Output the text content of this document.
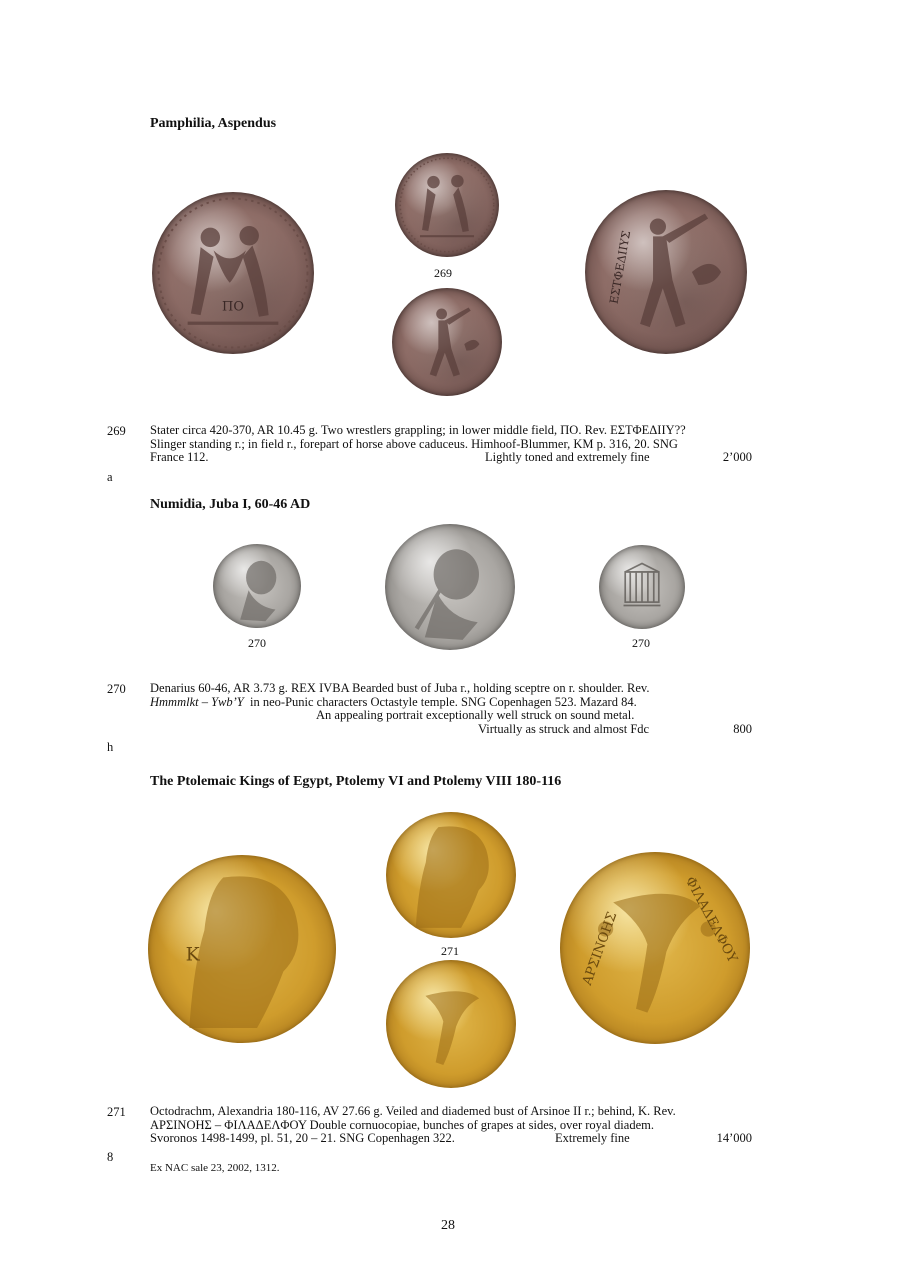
Pamphilia, Aspendus
ΠΟ
269	ΕΣΤΦΕΔΙΙΥΣ
269 Stater circa 420-370, AR 10.45 g. Two wrestlers grappling; in lower middle field, ΠΟ. Rev. ΕΣΤΦΕΔΙΙΥ??
Slinger standing r.; in field r., forepart of horse above caduceus. Himhoof-Blummer, KM p. 316, 20. SNG
France 112.	Lightly toned and extremely fine	2’000
a
Numidia, Juba I, 60-46 AD
270	270
270 Denarius 60-46, AR 3.73 g. REX IVBA Bearded bust of Juba r., holding sceptre on r. shoulder. Rev.
Hmmmlkt – Ywb’Y in neo-Punic characters Octastyle temple. SNG Copenhagen 523. Mazard 84.
An appealing portrait exceptionally well struck on sound metal.
Virtually as struck and almost Fdc	800
h
The Ptolemaic Kings of Egypt, Ptolemy VI and Ptolemy VIII 180-116
K	271	ΑΡΣΙΝΟΗΣ	ΦΙΛΑΔΕΛΦΟΥ
271 Octodrachm, Alexandria 180-116, AV 27.66 g. Veiled and diademed bust of Arsinoe II r.; behind, K. Rev.
ΑΡΣΙΝΟΗΣ – ΦΙΛΑΔΕΛΦΟΥ Double cornuocopiae, bunches of grapes at sides, over royal diadem.
Svoronos 1498-1499, pl. 51, 20 – 21. SNG Copenhagen 322.	Extremely fine	14’000
8
Ex NAC sale 23, 2002, 1312.
28
